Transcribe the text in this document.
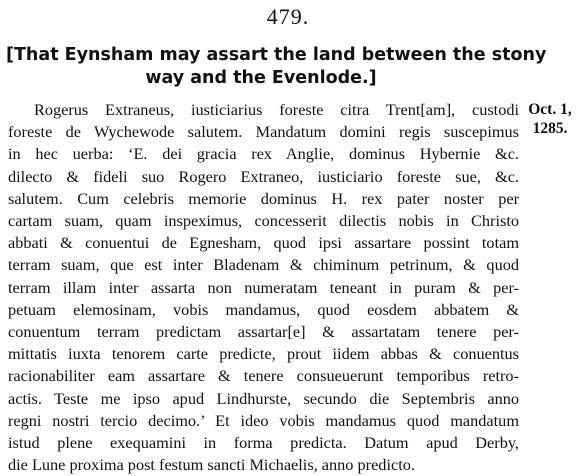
479.
[That Eynsham may assart the land between the stony
way and the Evenlode.]
Oct. 1,
1285.
Rogerus Extraneus, iusticiarius foreste citra Trent[am], custodi
foreste de Wychewode salutem. Mandatum domini regis suscepimus
in hec uerba: ‘E. dei gracia rex Anglie, dominus Hybernie &c.
dilecto & fideli suo Rogero Extraneo, iusticiario foreste sue, &c.
salutem. Cum celebris memorie dominus H. rex pater noster per
cartam suam, quam inspeximus, concesserit dilectis nobis in Christo
abbati & conuentui de Egnesham, quod ipsi assartare possint totam
terram suam, que est inter Bladenam & chiminum petrinum, & quod
terram illam inter assarta non numeratam teneant in puram & per-
petuam elemosinam, vobis mandamus, quod eosdem abbatem &
conuentum terram predictam assartar[e] & assartatam tenere per-
mittatis iuxta tenorem carte predicte, prout iidem abbas & conuentus
racionabiliter eam assartare & tenere consueuerunt temporibus retro-
actis. Teste me ipso apud Lindhurste, secundo die Septembris anno
regni nostri tercio decimo.’ Et ideo vobis mandamus quod mandatum
istud plene exequamini in forma predicta. Datum apud Derby,
die Lune proxima post festum sancti Michaelis, anno predicto.
